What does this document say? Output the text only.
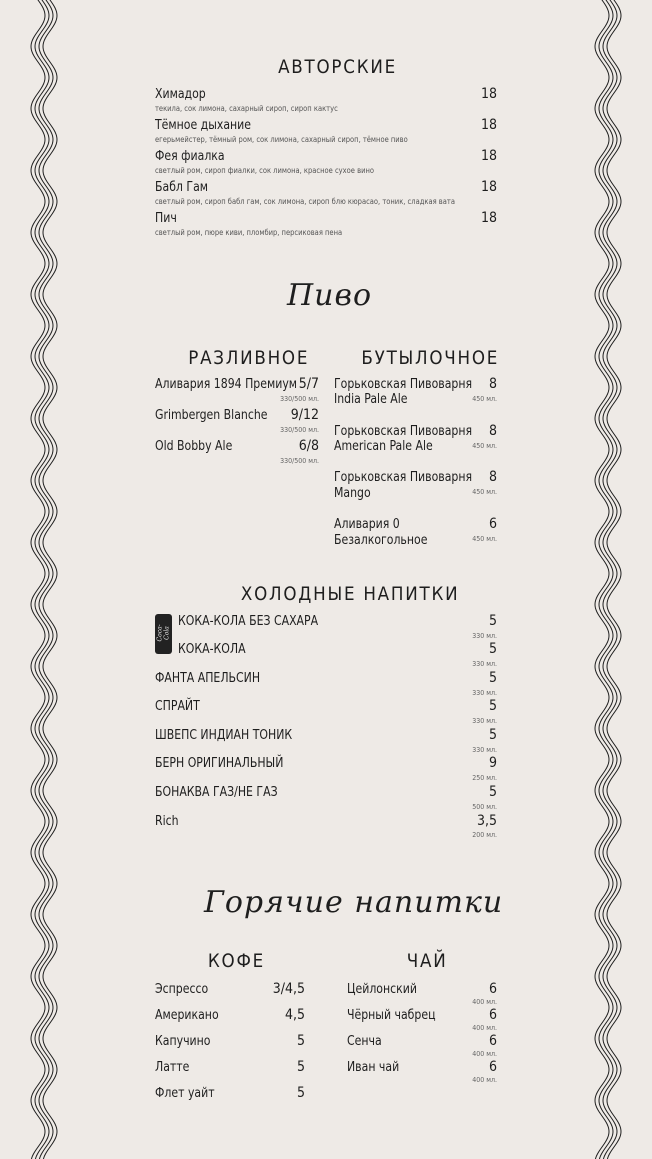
АВТОРСКИЕ
Химадор	18
текила, сок лимона, сахарный сироп, сироп кактус
Тёмное дыхание	18
егерьмейстер, тёмный ром, сок лимона, сахарный сироп, тёмное пиво
Фея фиалка	18
светлый ром, сироп фиалки, сок лимона, красное сухое вино
Бабл Гам	18
светлый ром, сироп бабл гам, сок лимона, сироп блю кюрасао, тоник, сладкая вата
Пич	18
светлый ром, пюре киви, пломбир, персиковая пена
Пиво
РАЗЛИВНОЕ	БУТЫЛОЧНОЕ
Аливария 1894 Премиум 5/7
330/500 мл.
Grimbergen Blanche	9/12
330/500 мл.
Old Bobby Ale	6/8
330/500 мл.
Горьковская Пивоварня
India Pale Ale
8
450 мл.
Горьковская Пивоварня
American Pale Ale
8
450 мл.
Горьковская Пивоварня
Mango
8
450 мл.
Аливария 0
Безалкогольное
6
450 мл.
ХОЛОДНЫЕ НАПИТКИ
Coca-Cola
КОКА-КОЛА БЕЗ САХАРА	5
330 мл.
КОКА-КОЛА	5
330 мл.
ФАНТА АПЕЛЬСИН	5
330 мл.
СПРАЙТ	5
330 мл.
ШВЕПС ИНДИАН ТОНИК	5
330 мл.
БЕРН ОРИГИНАЛЬНЫЙ	9
250 мл.
БОНАКВА ГАЗ/НЕ ГАЗ	5
500 мл.
Rich	3,5
200 мл.
Горячие напитки
КОФЕ	ЧАЙ
Эспрессо	3/4,5
Американо	4,5
Капучино	5
Латте	5
Флет уайт	5
Цейлонский	6
400 мл.
Чёрный чабрец	6
400 мл.
Сенча	6
400 мл.
Иван чай	6
400 мл.
